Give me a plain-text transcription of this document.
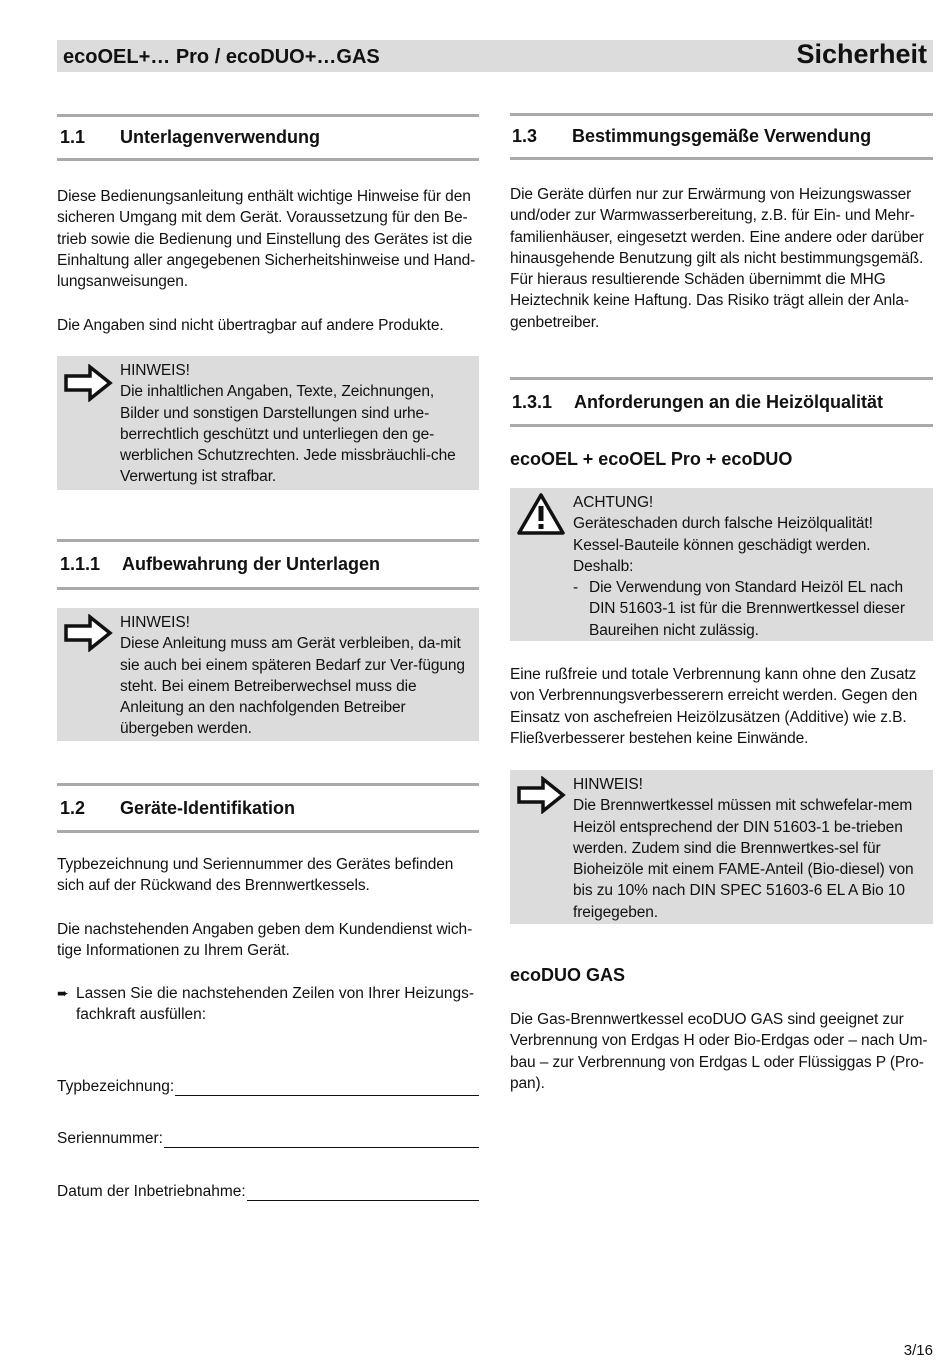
ecoOEL+… Pro / ecoDUO+…GAS	Sicherheit
1.1	Unterlagenverwendung

Diese Bedienungsanleitung enthält wichtige Hinweise für den sicheren Umgang mit dem Gerät. Voraussetzung für den Be-trieb sowie die Bedienung und Einstellung des Gerätes ist die Einhaltung aller angegebenen Sicherheitshinweise und Hand-lungsanweisungen.

Die Angaben sind nicht übertragbar auf andere Produkte.

HINWEIS!
Die inhaltlichen Angaben, Texte, Zeichnungen, Bilder und sonstigen Darstellungen sind urhe-berrechtlich geschützt und unterliegen den ge-werblichen Schutzrechten. Jede missbräuchli-che Verwertung ist strafbar.
1.1.1	Aufbewahrung der Unterlagen
HINWEIS!
Diese Anleitung muss am Gerät verbleiben, da-mit sie auch bei einem späteren Bedarf zur Ver-fügung steht. Bei einem Betreiberwechsel muss die Anleitung an den nachfolgenden Betreiber übergeben werden.
1.2	Geräte-Identifikation

Typbezeichnung und Seriennummer des Gerätes befinden sich auf der Rückwand des Brennwertkessels.

Die nachstehenden Angaben geben dem Kundendienst wich-tige Informationen zu Ihrem Gerät.

➨ Lassen Sie die nachstehenden Zeilen von Ihrer Heizungs-fachkraft ausfüllen:
Typbezeichnung:
Seriennummer:
Datum der Inbetriebnahme:
1.3	Bestimmungsgemäße Verwendung

Die Geräte dürfen nur zur Erwärmung von Heizungswasser und/oder zur Warmwasserbereitung, z.B. für Ein- und Mehr-familienhäuser, eingesetzt werden. Eine andere oder darüber hinausgehende Benutzung gilt als nicht bestimmungsgemäß. Für hieraus resultierende Schäden übernimmt die MHG Heiztechnik keine Haftung. Das Risiko trägt allein der Anla-genbetreiber.

1.3.1	Anforderungen an die Heizölqualität
ecoOEL + ecoOEL Pro + ecoDUO
ACHTUNG!
Geräteschaden durch falsche Heizölqualität!
Kessel-Bauteile können geschädigt werden.
Deshalb:
- Die Verwendung von Standard Heizöl EL nach DIN 51603-1 ist für die Brennwertkessel dieser Baureihen nicht zulässig.

Eine rußfreie und totale Verbrennung kann ohne den Zusatz von Verbrennungsverbesserern erreicht werden. Gegen den Einsatz von aschefreien Heizölzusätzen (Additive) wie z.B. Fließverbesserer bestehen keine Einwände.

HINWEIS!
Die Brennwertkessel müssen mit schwefelar-mem Heizöl entsprechend der DIN 51603-1 be-trieben werden. Zudem sind die Brennwertkes-sel für Bioheizöle mit einem FAME-Anteil (Bio-diesel) von bis zu 10% nach DIN SPEC 51603-6 EL A Bio 10 freigegeben.
ecoDUO GAS

Die Gas-Brennwertkessel ecoDUO GAS sind geeignet zur Verbrennung von Erdgas H oder Bio-Erdgas oder – nach Um-bau – zur Verbrennung von Erdgas L oder Flüssiggas P (Pro-pan).

3/16
